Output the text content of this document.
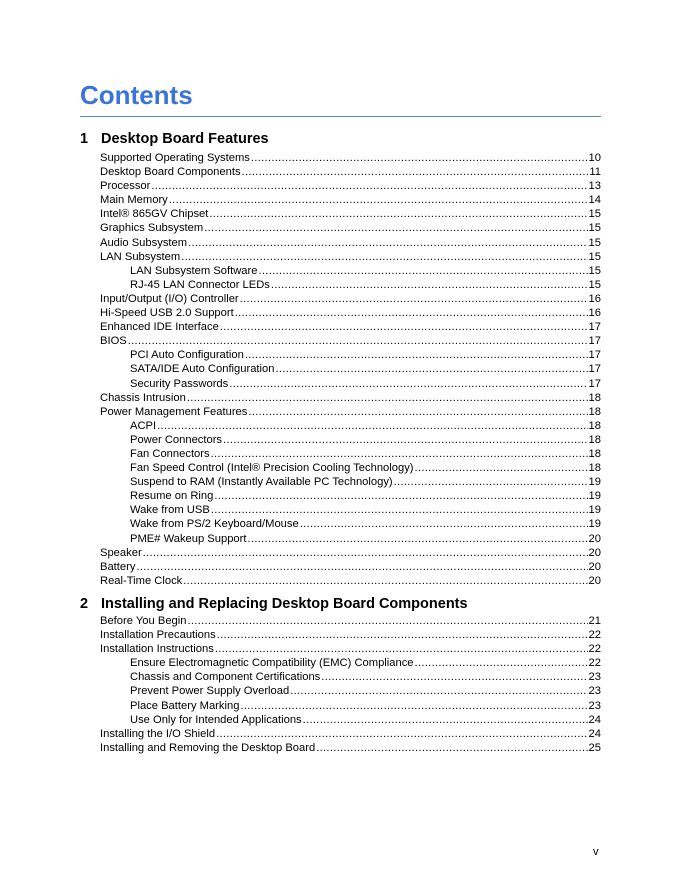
Contents
1 Desktop Board Features
Supported Operating Systems .....	10
Desktop Board Components .....	11
Processor .....	13
Main Memory .....	14
Intel® 865GV Chipset .....	15
Graphics Subsystem .....	15
Audio Subsystem .....	15
LAN Subsystem .....	15
LAN Subsystem Software .....	15
RJ-45 LAN Connector LEDs .....	15
Input/Output (I/O) Controller .....	16
Hi-Speed USB 2.0 Support .....	16
Enhanced IDE Interface .....	17
BIOS .....	17
PCI Auto Configuration .....	17
SATA/IDE Auto Configuration .....	17
Security Passwords .....	17
Chassis Intrusion .....	18
Power Management Features .....	18
ACPI .....	18
Power Connectors .....	18
Fan Connectors .....	18
Fan Speed Control (Intel® Precision Cooling Technology) .....	18
Suspend to RAM (Instantly Available PC Technology) .....	19
Resume on Ring .....	19
Wake from USB .....	19
Wake from PS/2 Keyboard/Mouse .....	19
PME# Wakeup Support .....	20
Speaker .....	20
Battery .....	20
Real-Time Clock .....	20
2 Installing and Replacing Desktop Board Components
Before You Begin .....	21
Installation Precautions .....	22
Installation Instructions .....	22
Ensure Electromagnetic Compatibility (EMC) Compliance .....	22
Chassis and Component Certifications .....	23
Prevent Power Supply Overload .....	23
Place Battery Marking .....	23
Use Only for Intended Applications .....	24
Installing the I/O Shield .....	24
Installing and Removing the Desktop Board .....	25
v
